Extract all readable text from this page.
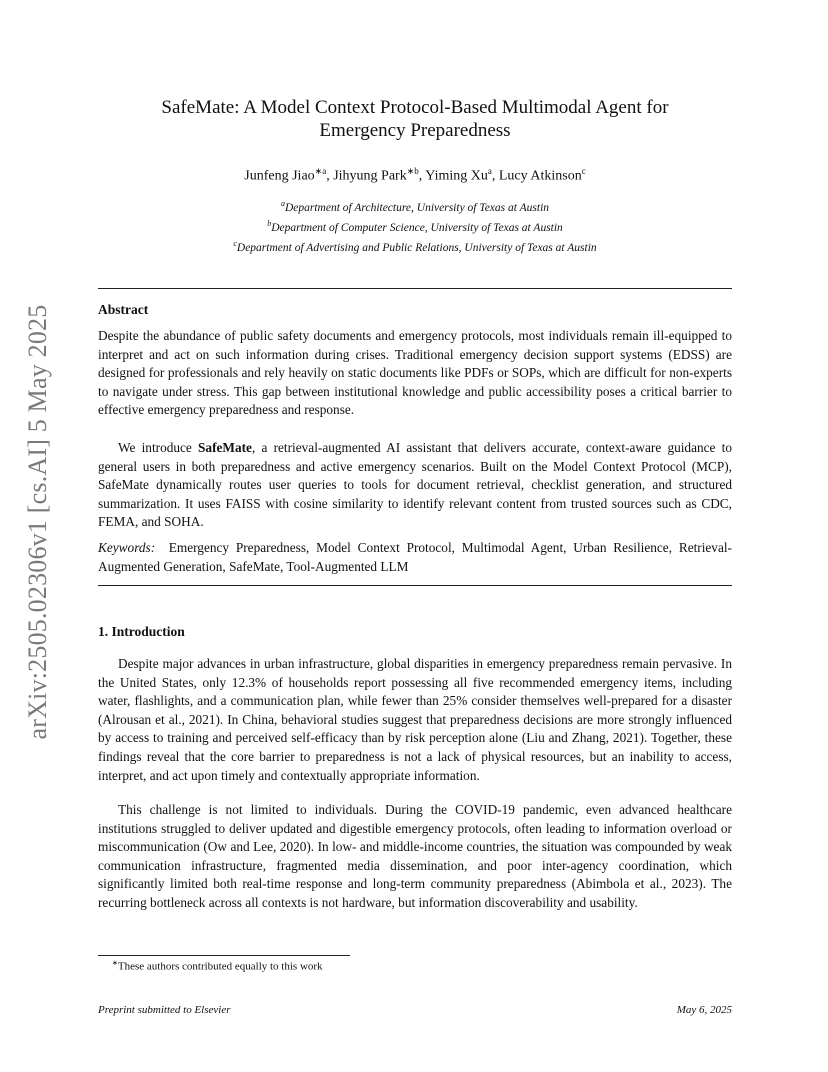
arXiv:2505.02306v1 [cs.AI] 5 May 2025
SafeMate: A Model Context Protocol-Based Multimodal Agent for
Emergency Preparedness
Junfeng Jiao$^{∗a}$, Jihyung Park$^{∗b}$, Yiming Xu$^a$, Lucy Atkinson$^c$
$^a$Department of Architecture, University of Texas at Austin
$^b$Department of Computer Science, University of Texas at Austin
$^c$Department of Advertising and Public Relations, University of Texas at Austin
Abstract

Despite the abundance of public safety documents and emergency protocols, most individuals remain ill-equipped to interpret and act on such information during crises. Traditional emergency decision support systems (EDSS) are designed for professionals and rely heavily on static documents like PDFs or SOPs, which are difficult for non-experts to navigate under stress. This gap between institutional knowledge and public accessibility poses a critical barrier to effective emergency preparedness and response.

We introduce SafeMate, a retrieval-augmented AI assistant that delivers accurate, context-aware guidance to general users in both preparedness and active emergency scenarios. Built on the Model Context Protocol (MCP), SafeMate dynamically routes user queries to tools for document retrieval, checklist generation, and structured summarization. It uses FAISS with cosine similarity to identify relevant content from trusted sources such as CDC, FEMA, and SOHA.

Keywords: Emergency Preparedness, Model Context Protocol, Multimodal Agent, Urban Resilience, Retrieval-Augmented Generation, SafeMate, Tool-Augmented LLM

1. Introduction

Despite major advances in urban infrastructure, global disparities in emergency preparedness remain pervasive. In the United States, only 12.3% of households report possessing all five recommended emergency items, including water, flashlights, and a communication plan, while fewer than 25% consider themselves well-prepared for a disaster (Alrousan et al., 2021). In China, behavioral studies suggest that preparedness decisions are more strongly influenced by access to training and perceived self-efficacy than by risk perception alone (Liu and Zhang, 2021). Together, these findings reveal that the core barrier to preparedness is not a lack of physical resources, but an inability to access, interpret, and act upon timely and contextually appropriate information.

This challenge is not limited to individuals. During the COVID-19 pandemic, even advanced healthcare institutions struggled to deliver updated and digestible emergency protocols, often leading to information overload or miscommunication (Ow and Lee, 2020). In low- and middle-income countries, the situation was compounded by weak communication infrastructure, fragmented media dissemination, and poor inter-agency coordination, which significantly limited both real-time response and long-term community preparedness (Abimbola et al., 2023). The recurring bottleneck across all contexts is not hardware, but information discoverability and usability.

∗These authors contributed equally to this work
Preprint submitted to Elsevier	May 6, 2025
